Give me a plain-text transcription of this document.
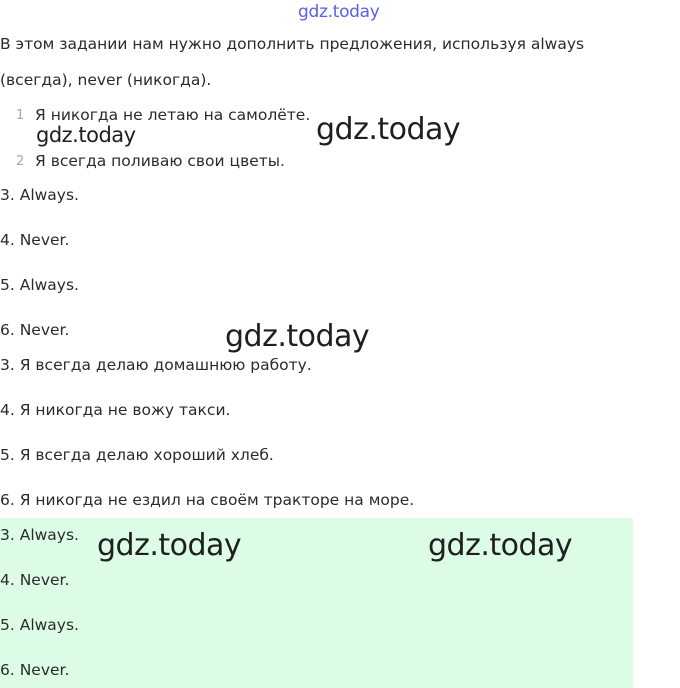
gdz.today
В этом задании нам нужно дополнить предложения, используя always
(всегда), never (никогда).
1 Я никогда не летаю на самолёте.
2 Я всегда поливаю свои цветы.
3. Always.
4. Never.
5. Always.
6. Never.
3. Я всегда делаю домашнюю работу.
4. Я никогда не вожу такси.
5. Я всегда делаю хороший хлеб.
6. Я никогда не ездил на своём тракторе на море.
3. Always.
4. Never.
5. Always.
6. Never.
gdz.today	gdz.today
gdz.today
gdz.today	gdz.today
